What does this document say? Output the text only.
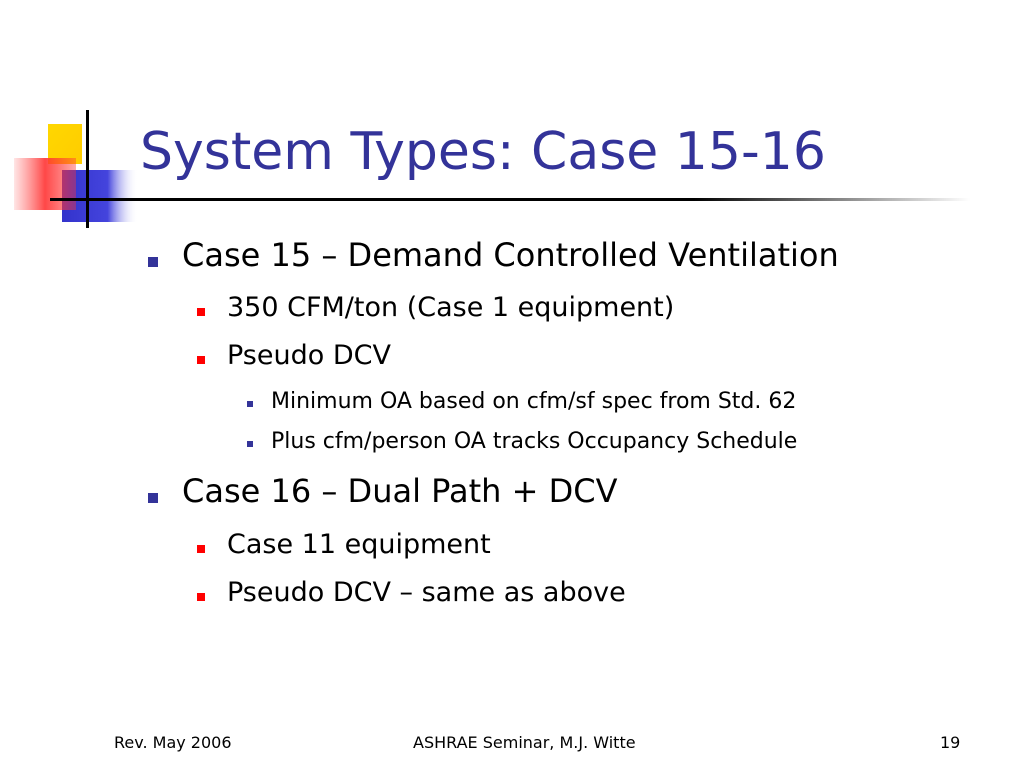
System Types: Case 15-16
Case 15 – Demand Controlled Ventilation
350 CFM/ton (Case 1 equipment)
Pseudo DCV
Minimum OA based on cfm/sf spec from Std. 62
Plus cfm/person OA tracks Occupancy Schedule
Case 16 – Dual Path + DCV
Case 11 equipment
Pseudo DCV – same as above
Rev. May 2006	ASHRAE Seminar, M.J. Witte	19
